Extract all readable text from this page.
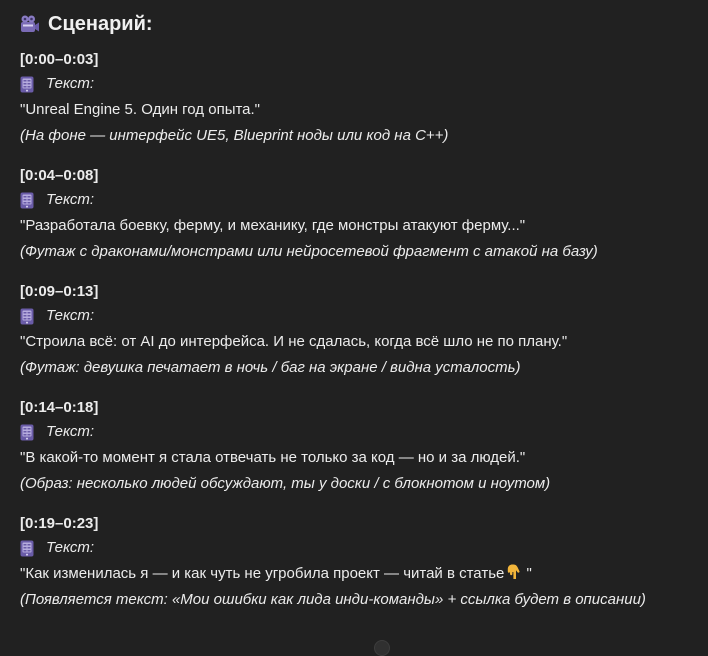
Сценарий:
[0:00–0:03]
Текст:
"Unreal Engine 5. Один год опыта."
(На фоне — интерфейс UE5, Blueprint ноды или код на C++)
[0:04–0:08]
Текст:
"Разработала боевку, ферму, и механику, где монстры атакуют ферму..."
(Футаж с драконами/монстрами или нейросетевой фрагмент с атакой на базу)
[0:09–0:13]
Текст:
"Строила всё: от AI до интерфейса. И не сдалась, когда всё шло не по плану."
(Футаж: девушка печатает в ночь / баг на экране / видна усталость)
[0:14–0:18]
Текст:
"В какой-то момент я стала отвечать не только за код — но и за людей."
(Образ: несколько людей обсуждают, ты у доски / с блокнотом и ноутом)
[0:19–0:23]
Текст:
"Как изменилась я — и как чуть не угробила проект — читай в статье "
(Появляется текст: «Мои ошибки как лида инди-команды» + ссылка будет в описании)
